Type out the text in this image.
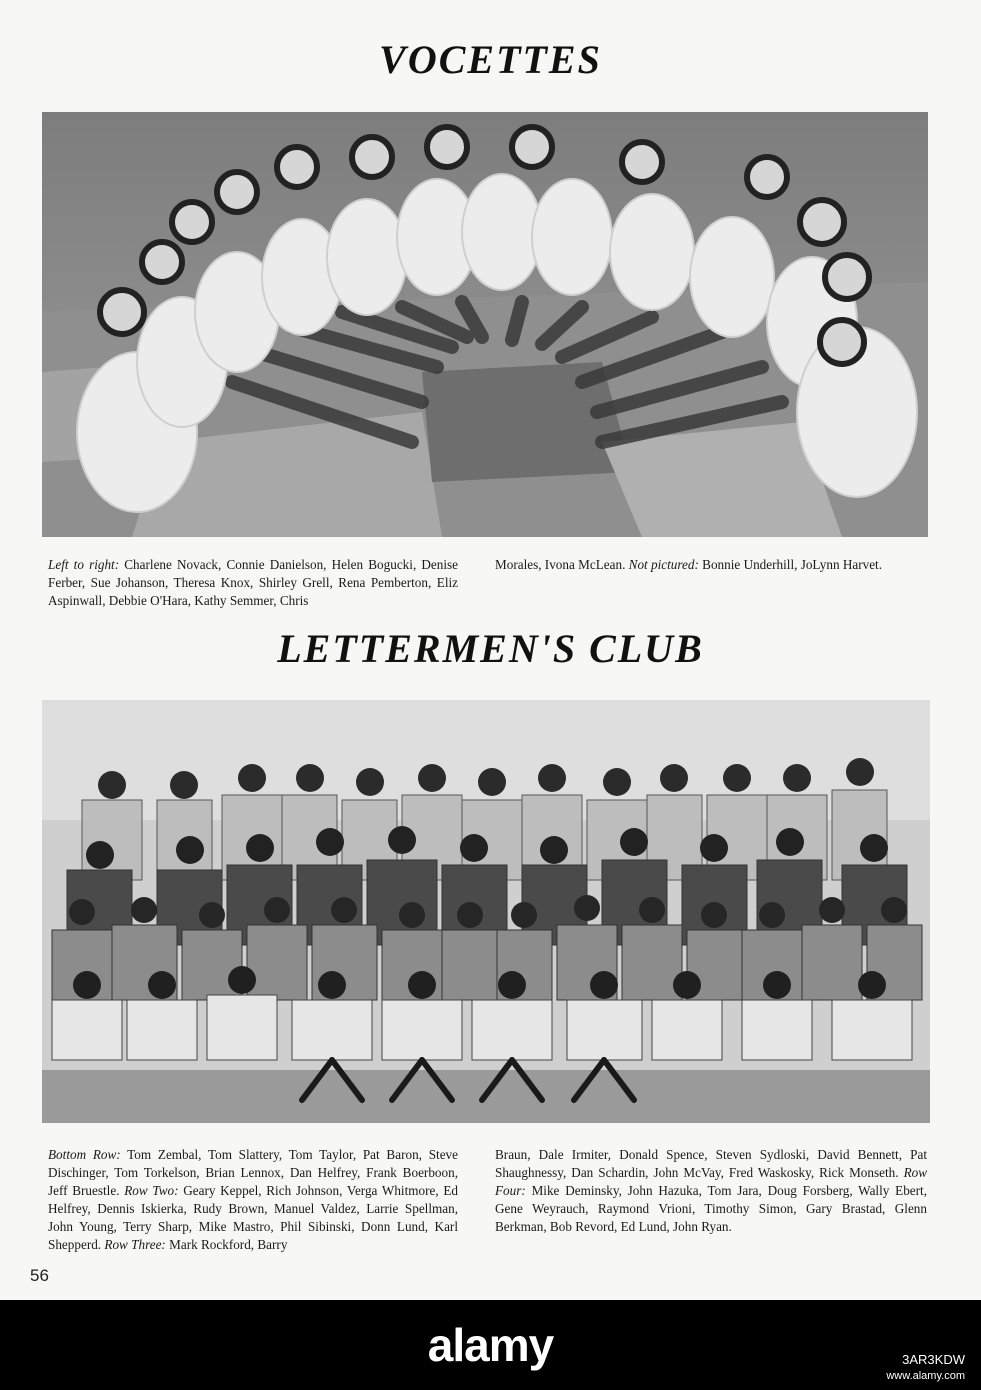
VOCETTES
Left to right: Charlene Novack, Connie Danielson, Helen Bogucki, Denise Ferber, Sue Johanson, Theresa Knox, Shirley Grell, Rena Pemberton, Eliz Aspinwall, Debbie O'Hara, Kathy Semmer, Chris
Morales, Ivona McLean. Not pictured: Bonnie Underhill, JoLynn Harvet.
LETTERMEN'S CLUB
Bottom Row: Tom Zembal, Tom Slattery, Tom Taylor, Pat Baron, Steve Dischinger, Tom Torkelson, Brian Lennox, Dan Helfrey, Frank Boerboon, Jeff Bruestle. Row Two: Geary Keppel, Rich Johnson, Verga Whitmore, Ed Helfrey, Dennis Iskierka, Rudy Brown, Manuel Valdez, Larrie Spellman, John Young, Terry Sharp, Mike Mastro, Phil Sibinski, Donn Lund, Karl Shepperd. Row Three: Mark Rockford, Barry
Braun, Dale Irmiter, Donald Spence, Steven Sydloski, David Bennett, Pat Shaughnessy, Dan Schardin, John McVay, Fred Waskosky, Rick Monseth. Row Four: Mike Deminsky, John Hazuka, Tom Jara, Doug Forsberg, Wally Ebert, Gene Weyrauch, Raymond Vrioni, Timothy Simon, Gary Brastad, Glenn Berkman, Bob Revord, Ed Lund, John Ryan.
56
alamy	3AR3KDW
www.alamy.com
